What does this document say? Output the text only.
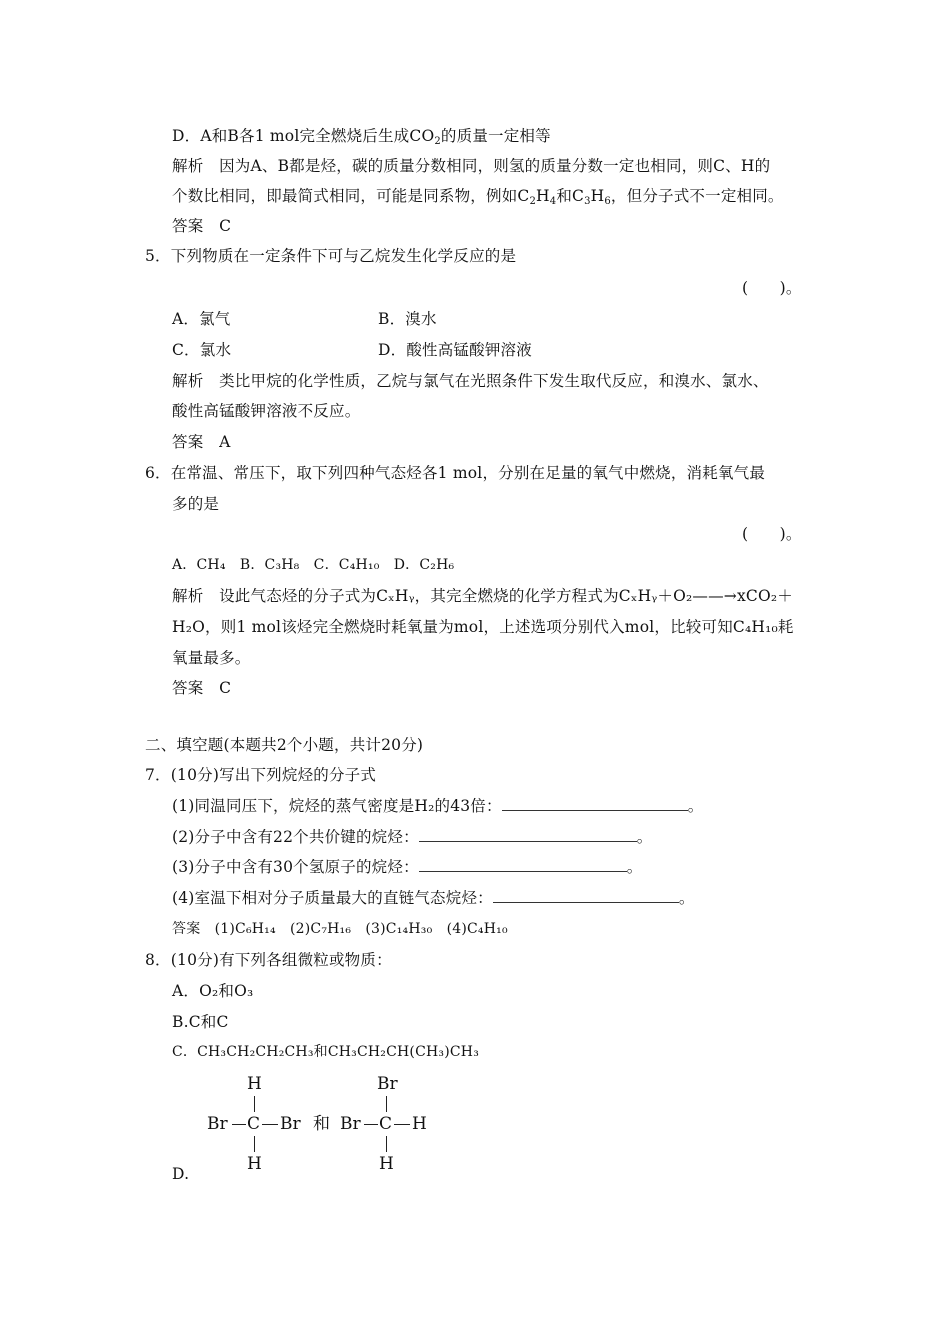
D．A和B各1 mol完全燃烧后生成$CO_2$的质量一定相等
解析　因为A、B都是烃，碳的质量分数相同，则氢的质量分数一定也相同，则C、H的
个数比相同，即最简式相同，可能是同系物，例如$C_2H_4$和$C_3H_6$，但分子式不一定相同。
答案　C
5．下列物质在一定条件下可与乙烷发生化学反应的是
(　　)。
A．氯气	B．溴水
C．氯水	D．酸性高锰酸钾溶液
解析　类比甲烷的化学性质，乙烷与氯气在光照条件下发生取代反应，和溴水、氯水、
酸性高锰酸钾溶液不反应。
答案　A
6．在常温、常压下，取下列四种气态烃各1 mol，分别在足量的氧气中燃烧，消耗氧气最
多的是
(　　)。
A．CH₄　B．C₃H₈　C．C₄H₁₀　D．C₂H₆
解析　设此气态烃的分子式为CₓHᵧ，其完全燃烧的化学方程式为CₓHᵧ＋O₂——→xCO₂＋
H₂O，则1 mol该烃完全燃烧时耗氧量为mol，上述选项分别代入mol，比较可知C₄H₁₀耗
氧量最多。
答案　C
二、填空题(本题共2个小题，共计20分)
7．(10分)写出下列烷烃的分子式
(1)同温同压下，烷烃的蒸气密度是H₂的43倍：	。
(2)分子中含有22个共价键的烷烃：	。
(3)分子中含有30个氢原子的烷烃：	。
(4)室温下相对分子质量最大的直链气态烷烃：	。
答案　(1)C₆H₁₄　(2)C₇H₁₆　(3)C₁₄H₃₀　(4)C₄H₁₀
8．(10分)有下列各组微粒或物质：
A．O₂和O₃
B.C和C
C．CH₃CH₂CH₂CH₃和CH₃CH₂CH(CH₃)CH₃
H
Br C Br
H
和
Br
Br C H
H
D.
